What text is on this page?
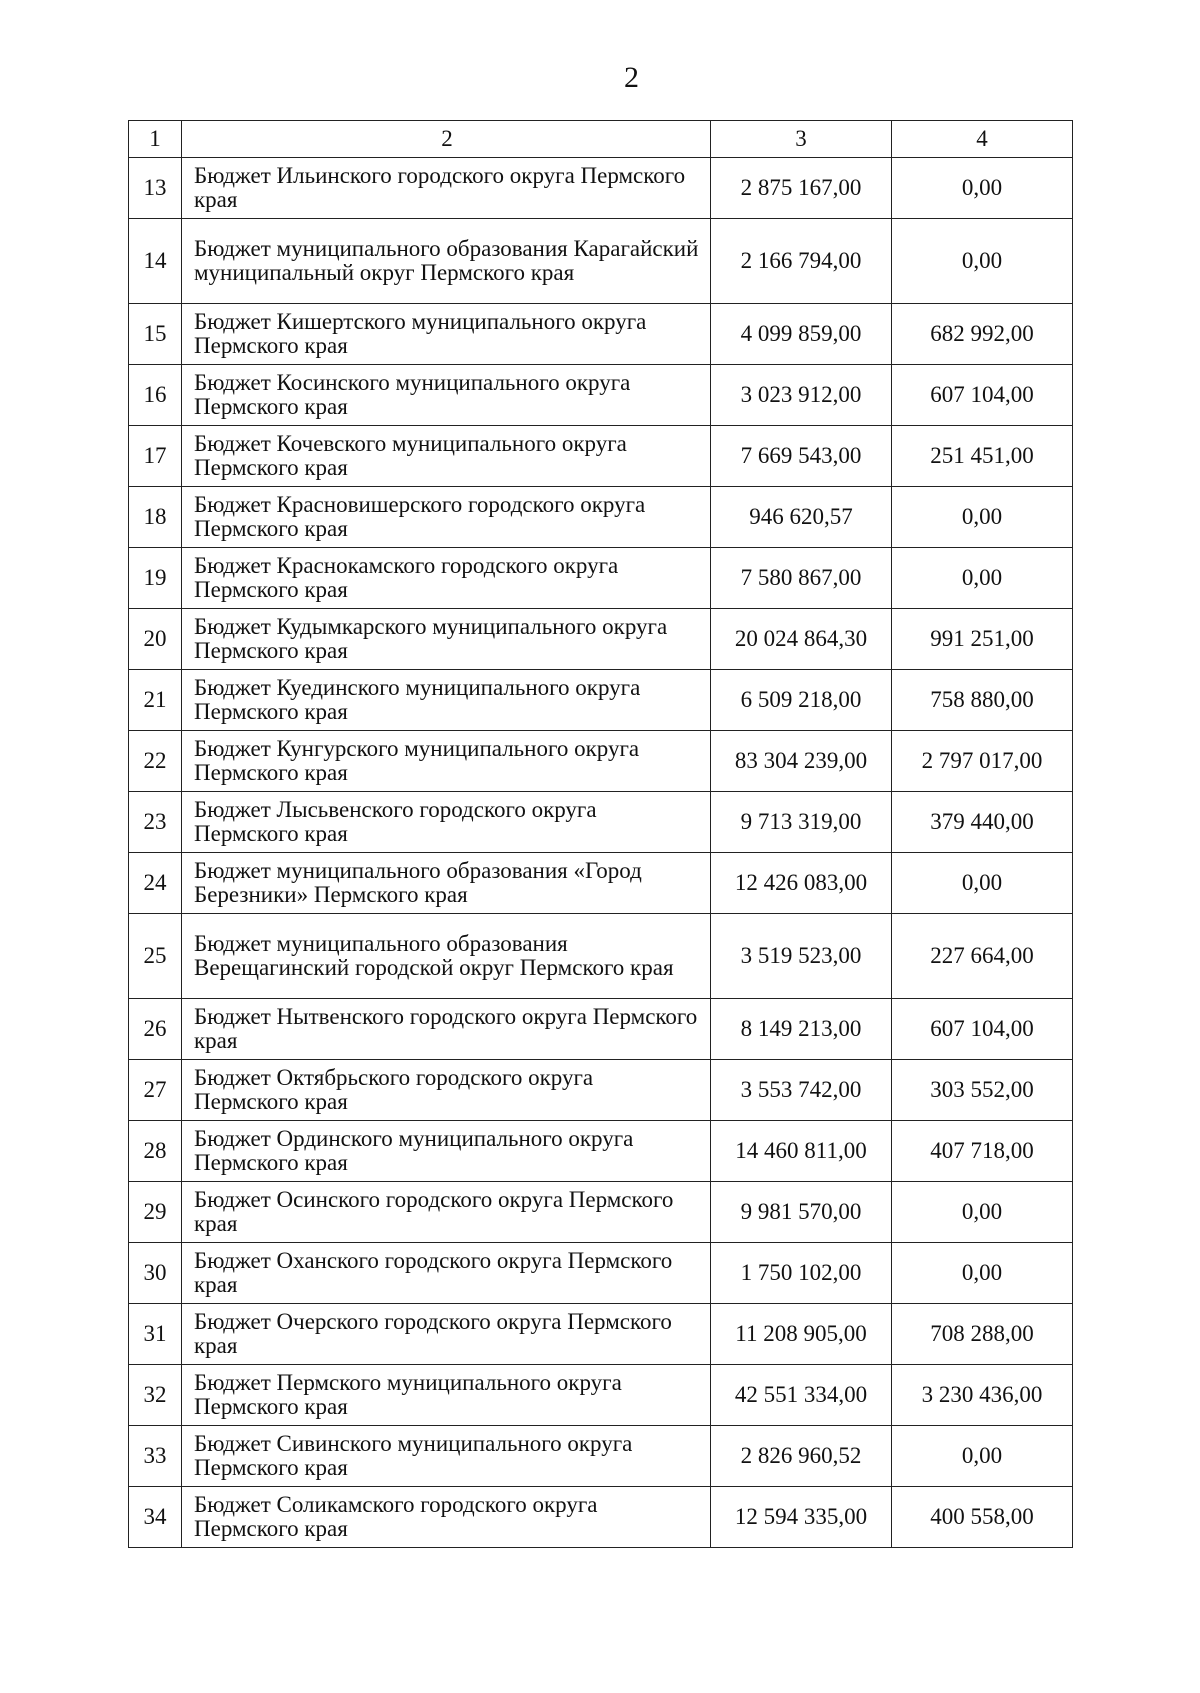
2
1	2	3	4
13	Бюджет Ильинского городского округа Пермского края	2 875 167,00	0,00
14	Бюджет муниципального образования Карагайский муниципальный округ Пермского края	2 166 794,00	0,00
15	Бюджет Кишертского муниципального округа Пермского края	4 099 859,00	682 992,00
16	Бюджет Косинского муниципального округа Пермского края	3 023 912,00	607 104,00
17	Бюджет Кочевского муниципального округа Пермского края	7 669 543,00	251 451,00
18	Бюджет Красновишерского городского округа Пермского края	946 620,57	0,00
19	Бюджет Краснокамского городского округа Пермского края	7 580 867,00	0,00
20	Бюджет Кудымкарского муниципального округа Пермского края	20 024 864,30	991 251,00
21	Бюджет Куединского муниципального округа Пермского края	6 509 218,00	758 880,00
22	Бюджет Кунгурского муниципального округа Пермского края	83 304 239,00	2 797 017,00
23	Бюджет Лысьвенского городского округа Пермского края	9 713 319,00	379 440,00
24	Бюджет муниципального образования «Город Березники» Пермского края	12 426 083,00	0,00
25	Бюджет муниципального образования Верещагинский городской округ Пермского края	3 519 523,00	227 664,00
26	Бюджет Нытвенского городского округа Пермского края	8 149 213,00	607 104,00
27	Бюджет Октябрьского городского округа Пермского края	3 553 742,00	303 552,00
28	Бюджет Ординского муниципального округа Пермского края	14 460 811,00	407 718,00
29	Бюджет Осинского городского округа Пермского края	9 981 570,00	0,00
30	Бюджет Оханского городского округа Пермского края	1 750 102,00	0,00
31	Бюджет Очерского городского округа Пермского края	11 208 905,00	708 288,00
32	Бюджет Пермского муниципального округа Пермского края	42 551 334,00	3 230 436,00
33	Бюджет Сивинского муниципального округа Пермского края	2 826 960,52	0,00
34	Бюджет Соликамского городского округа Пермского края	12 594 335,00	400 558,00
